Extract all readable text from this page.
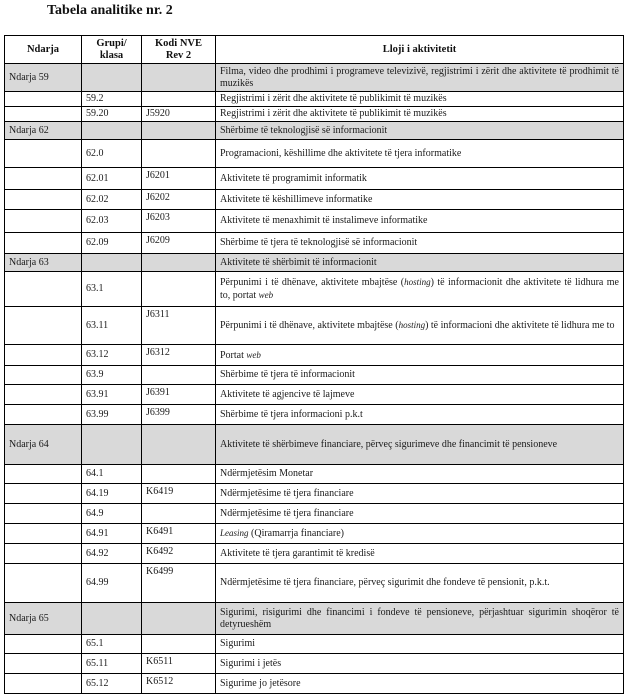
Tabela analitike nr. 2
Ndarja	Grupi/ klasa	Kodi NVE Rev 2	Lloji i aktivitetit
Ndarja 59			Filma, video dhe prodhimi i programeve televizivë, regjistrimi i zërit dhe aktivitete të prodhimit të muzikës
	59.2		Regjistrimi i zërit dhe aktivitete të publikimit të muzikës
	59.20	J5920	Regjistrimi i zërit dhe aktivitete të publikimit të muzikës
Ndarja 62			Shërbime të teknologjisë së informacionit
	62.0		Programacioni, këshillime dhe aktivitete të tjera informatike
	62.01	J6201	Aktivitete të programimit informatik
	62.02	J6202	Aktivitete të këshillimeve informatike
	62.03	J6203	Aktivitete të menaxhimit të instalimeve informatike
	62.09	J6209	Shërbime të tjera të teknologjisë së informacionit
Ndarja 63			Aktivitete të shërbimit të informacionit
	63.1		Përpunimi i të dhënave, aktivitete mbajtëse (hosting) të informacionit dhe aktivitete të lidhura me to, portat web
	63.11	J6311	Përpunimi i të dhënave, aktivitete mbajtëse (hosting) të informacioni dhe aktivitete të lidhura me to
	63.12	J6312	Portat web
	63.9		Shërbime të tjera të informacionit
	63.91	J6391	Aktivitete të agjencive të lajmeve
	63.99	J6399	Shërbime të tjera informacioni p.k.t
Ndarja 64			Aktivitete të shërbimeve financiare, përveç sigurimeve dhe financimit të pensioneve
	64.1		Ndërmjetësim Monetar
	64.19	K6419	Ndërmjetësime të tjera financiare
	64.9		Ndërmjetësime të tjera financiare
	64.91	K6491	Leasing (Qiramarrja financiare)
	64.92	K6492	Aktivitete të tjera garantimit të kredisë
	64.99	K6499	Ndërmjetësime të tjera financiare, përveç sigurimit dhe fondeve të pensionit, p.k.t.
Ndarja 65			Sigurimi, risigurimi dhe financimi i fondeve të pensioneve, përjashtuar sigurimin shoqëror të detyrueshëm
	65.1		Sigurimi
	65.11	K6511	Sigurimi i jetës
	65.12	K6512	Sigurime jo jetësore
